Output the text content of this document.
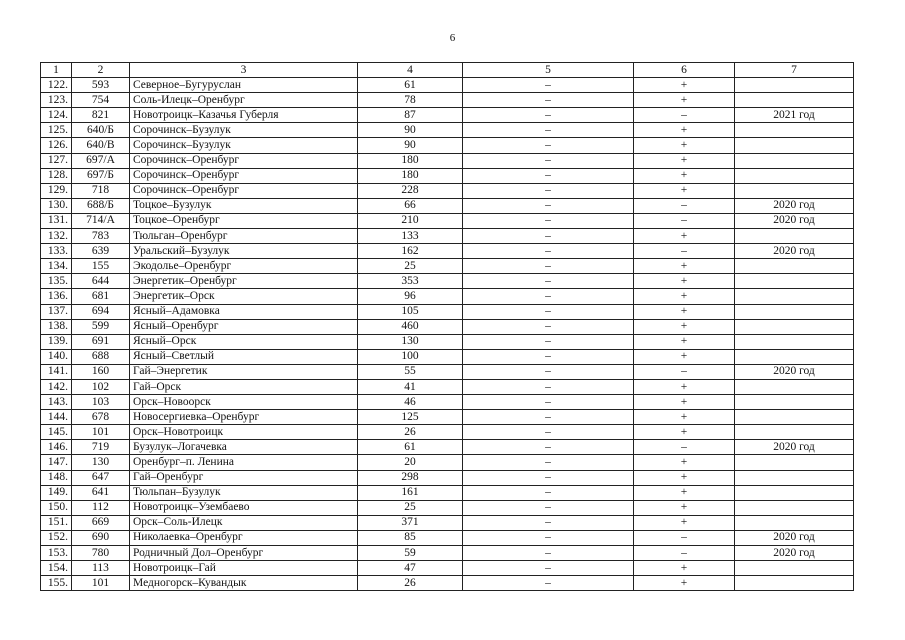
6
1	2	3	4	5	6	7
122.	593	Северное–Бугуруслан	61	–	+	
123.	754	Соль-Илецк–Оренбург	78	–	+	
124.	821	Новотроицк–Казачья Губерля	87	–	–	2021 год
125.	640/Б	Сорочинск–Бузулук	90	–	+	
126.	640/В	Сорочинск–Бузулук	90	–	+	
127.	697/А	Сорочинск–Оренбург	180	–	+	
128.	697/Б	Сорочинск–Оренбург	180	–	+	
129.	718	Сорочинск–Оренбург	228	–	+	
130.	688/Б	Тоцкое–Бузулук	66	–	–	2020 год
131.	714/А	Тоцкое–Оренбург	210	–	–	2020 год
132.	783	Тюльган–Оренбург	133	–	+	
133.	639	Уральский–Бузулук	162	–	–	2020 год
134.	155	Экодолье–Оренбург	25	–	+	
135.	644	Энергетик–Оренбург	353	–	+	
136.	681	Энергетик–Орск	96	–	+	
137.	694	Ясный–Адамовка	105	–	+	
138.	599	Ясный–Оренбург	460	–	+	
139.	691	Ясный–Орск	130	–	+	
140.	688	Ясный–Светлый	100	–	+	
141.	160	Гай–Энергетик	55	–	–	2020 год
142.	102	Гай–Орск	41	–	+	
143.	103	Орск–Новоорск	46	–	+	
144.	678	Новосергиевка–Оренбург	125	–	+	
145.	101	Орск–Новотроицк	26	–	+	
146.	719	Бузулук–Логачевка	61	–	–	2020 год
147.	130	Оренбург–п. Ленина	20	–	+	
148.	647	Гай–Оренбург	298	–	+	
149.	641	Тюльпан–Бузулук	161	–	+	
150.	112	Новотроицк–Узембаево	25	–	+	
151.	669	Орск–Соль-Илецк	371	–	+	
152.	690	Николаевка–Оренбург	85	–	–	2020 год
153.	780	Родничный Дол–Оренбург	59	–	–	2020 год
154.	113	Новотроицк–Гай	47	–	+	
155.	101	Медногорск–Кувандык	26	–	+	
